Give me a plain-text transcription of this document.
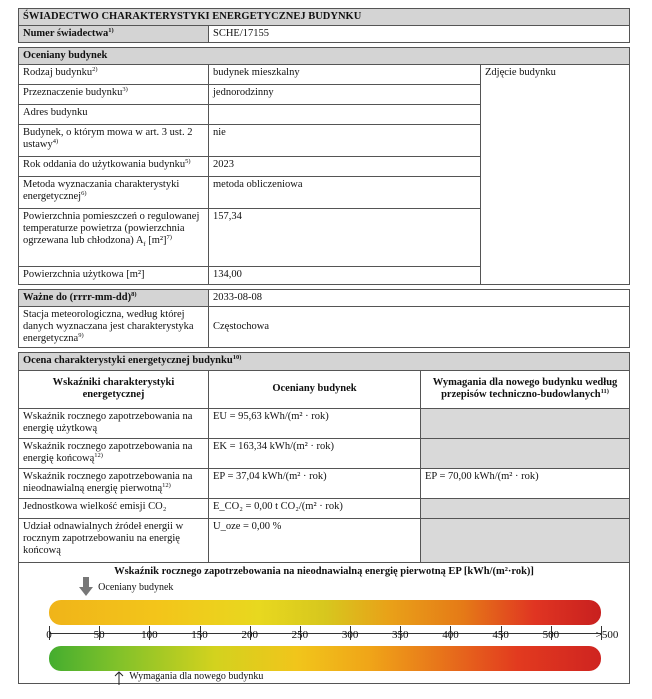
ŚWIADECTWO CHARAKTERYSTYKI ENERGETYCZNEJ BUDYNKU
Numer świadectwa$^{1)}$	SCHE/17155

Oceniany budynek		
Rodzaj budynku$^{2)}$	budynek mieszkalny	Zdjęcie budynku
Przeznaczenie budynku$^{3)}$	jednorodzinny	
Adres budynku		
Budynek, o którym mowa w art. 3 ust. 2 ustawy$^{4)}$	nie	
Rok oddania do użytkowania budynku$^{5)}$	2023	
Metoda wyznaczania charakterystyki energetycznej$^{6)}$	metoda obliczeniowa	
Powierzchnia pomieszczeń o regulowanej temperaturze powietrza (powierzchnia ogrzewana lub chłodzona) $A_f$ $[m^2]^{7)}$	157,34	
Powierzchnia użytkowa [m²]	134,00	

Ważne do (rrrr-mm-dd)$^{8)}$	2033-08-08
Stacja meteorologiczna, według której danych wyznaczana jest charakterystyka energetyczna$^{9)}$	Częstochowa

Ocena charakterystyki energetycznej budynku$^{10)}$
Wskaźniki charakterystyki energetycznej	Oceniany budynek	Wymagania dla nowego budynku według przepisów techniczno-budowlanych$^{11)}$
Wskaźnik rocznego zapotrzebowania na energię użytkową	EU = 95,63 kWh/(m² · rok)	
Wskaźnik rocznego zapotrzebowania na energię końcową$^{12)}$	EK = 163,34 kWh/(m² · rok)	
Wskaźnik rocznego zapotrzebowania na nieodnawialną energię pierwotną$^{12)}$	EP = 37,04 kWh/(m² · rok)	EP = 70,00 kWh/(m² · rok)
Jednostkowa wielkość emisji CO₂	E_CO₂ = 0,00 t CO₂/(m² · rok)	
Udział odnawialnych źródeł energii w rocznym zapotrzebowaniu na energię końcową	U_oze = 0,00 %	
Wskaźnik rocznego zapotrzebowania na nieodnawialną energię pierwotną EP [kWh/(m²·rok)]
Oceniany budynek
Wymagania dla nowego budynku
0	50	100	150	200	250	300	350	400	450	500	>500
